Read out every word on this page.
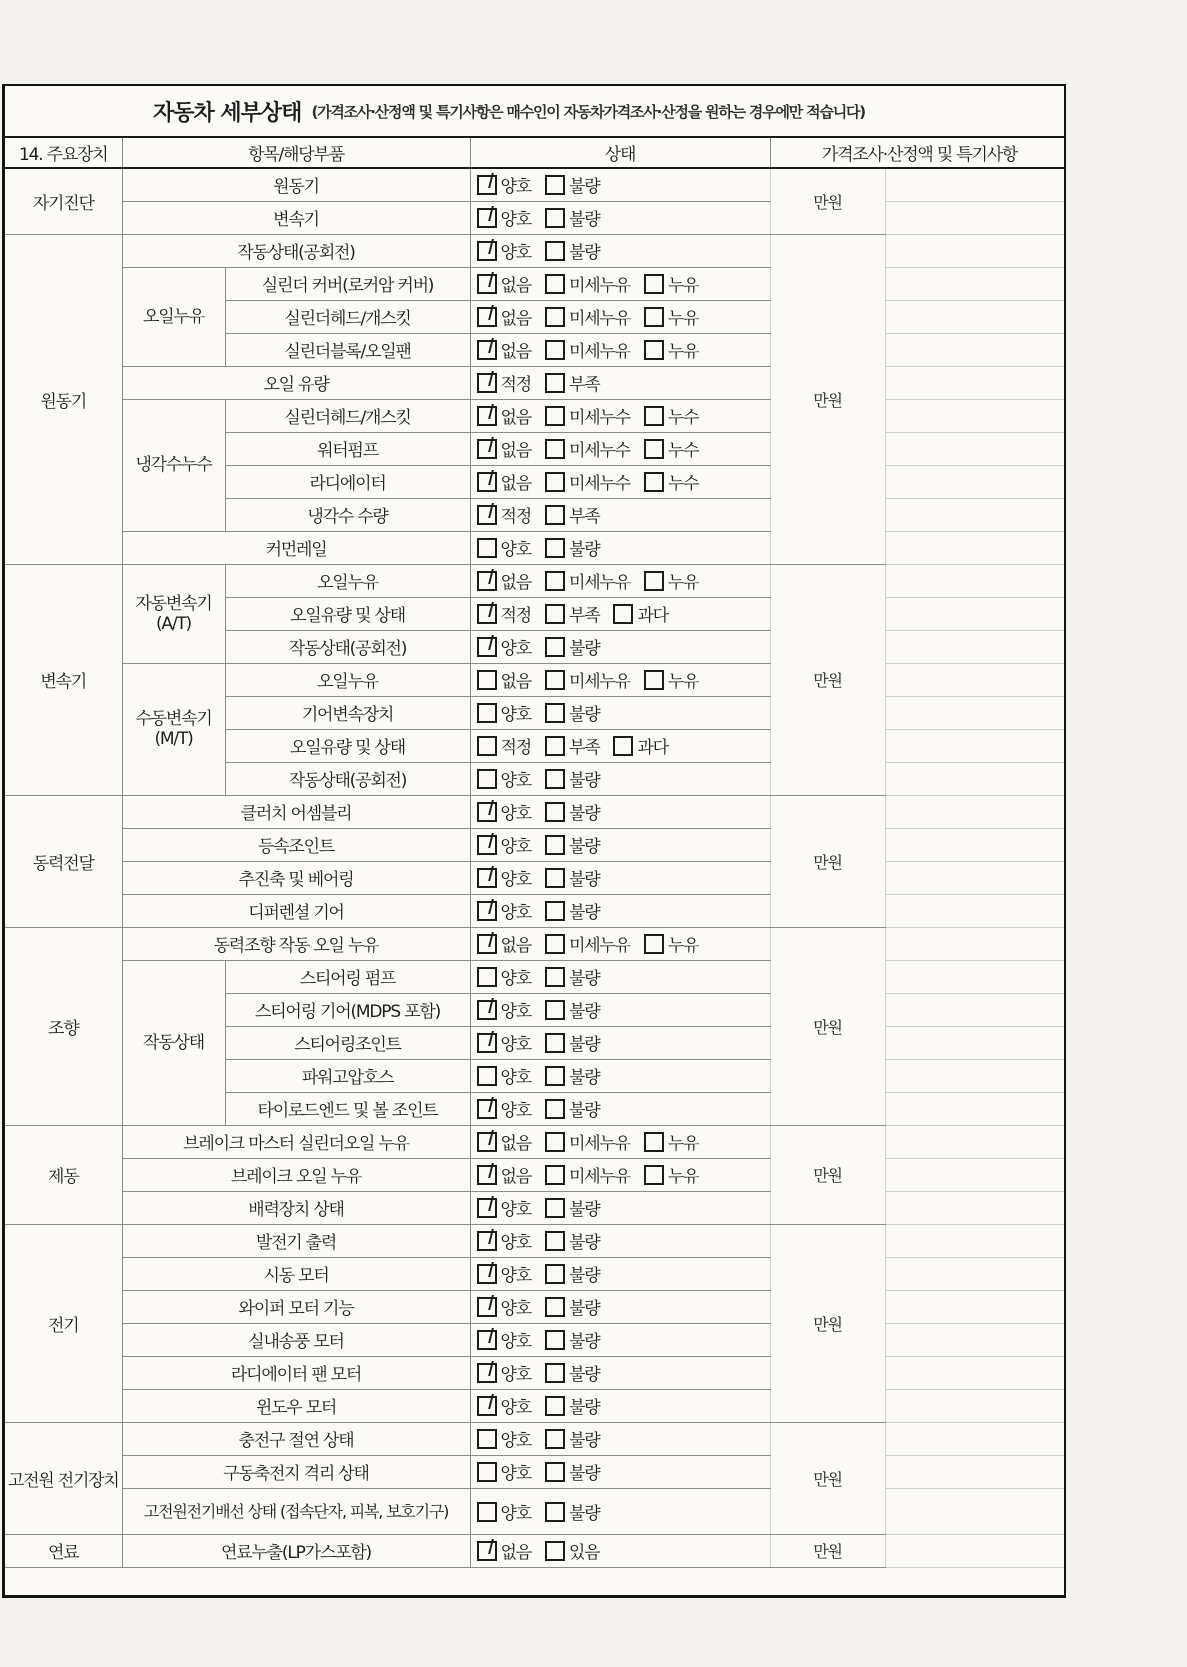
자동차 세부상태 (가격조사·산정액 및 특기사항은 매수인이 자동차가격조사·산정을 원하는 경우에만 적습니다)
14. 주요장치	항목/해당부품		상태	가격조사·산정액 및 특기사항	
자기진단	원동기		양호 불량	만원	
	변속기		양호 불량		
원동기	작동상태(공회전)		양호 불량	만원	
	오일누유	실린더 커버(로커암 커버)	없음 미세누유 누유		
		실린더헤드/개스킷	없음 미세누유 누유		
		실린더블록/오일팬	없음 미세누유 누유		
	오일 유량		적정 부족		
	냉각수누수	실린더헤드/개스킷	없음 미세누수 누수		
		워터펌프	없음 미세누수 누수		
		라디에이터	없음 미세누수 누수		
		냉각수 수량	적정 부족		
	커먼레일		양호 불량		
변속기	자동변속기 (A/T)	오일누유	없음 미세누유 누유	만원	
		오일유량 및 상태	적정 부족 과다		
		작동상태(공회전)	양호 불량		
	수동변속기 (M/T)	오일누유	없음 미세누유 누유		
		기어변속장치	양호 불량		
		오일유량 및 상태	적정 부족 과다		
		작동상태(공회전)	양호 불량		
동력전달	클러치 어셈블리		양호 불량	만원	
	등속조인트		양호 불량		
	추진축 및 베어링		양호 불량		
	디퍼렌셜 기어		양호 불량		
조향	동력조향 작동 오일 누유		없음 미세누유 누유	만원	
	작동상태	스티어링 펌프	양호 불량		
		스티어링 기어(MDPS 포함)	양호 불량		
		스티어링조인트	양호 불량		
		파워고압호스	양호 불량		
		타이로드엔드 및 볼 조인트	양호 불량		
제동	브레이크 마스터 실린더오일 누유		없음 미세누유 누유	만원	
	브레이크 오일 누유		없음 미세누유 누유		
	배력장치 상태		양호 불량		
전기	발전기 출력		양호 불량	만원	
	시동 모터		양호 불량		
	와이퍼 모터 기능		양호 불량		
	실내송풍 모터		양호 불량		
	라디에이터 팬 모터		양호 불량		
	윈도우 모터		양호 불량		
고전원 전기장치	충전구 절연 상태		양호 불량	만원	
	구동축전지 격리 상태		양호 불량		
	고전원전기배선 상태 (접속단자, 피복, 보호기구)		양호 불량		
연료	연료누출(LP가스포함)		없음 있음	만원	
